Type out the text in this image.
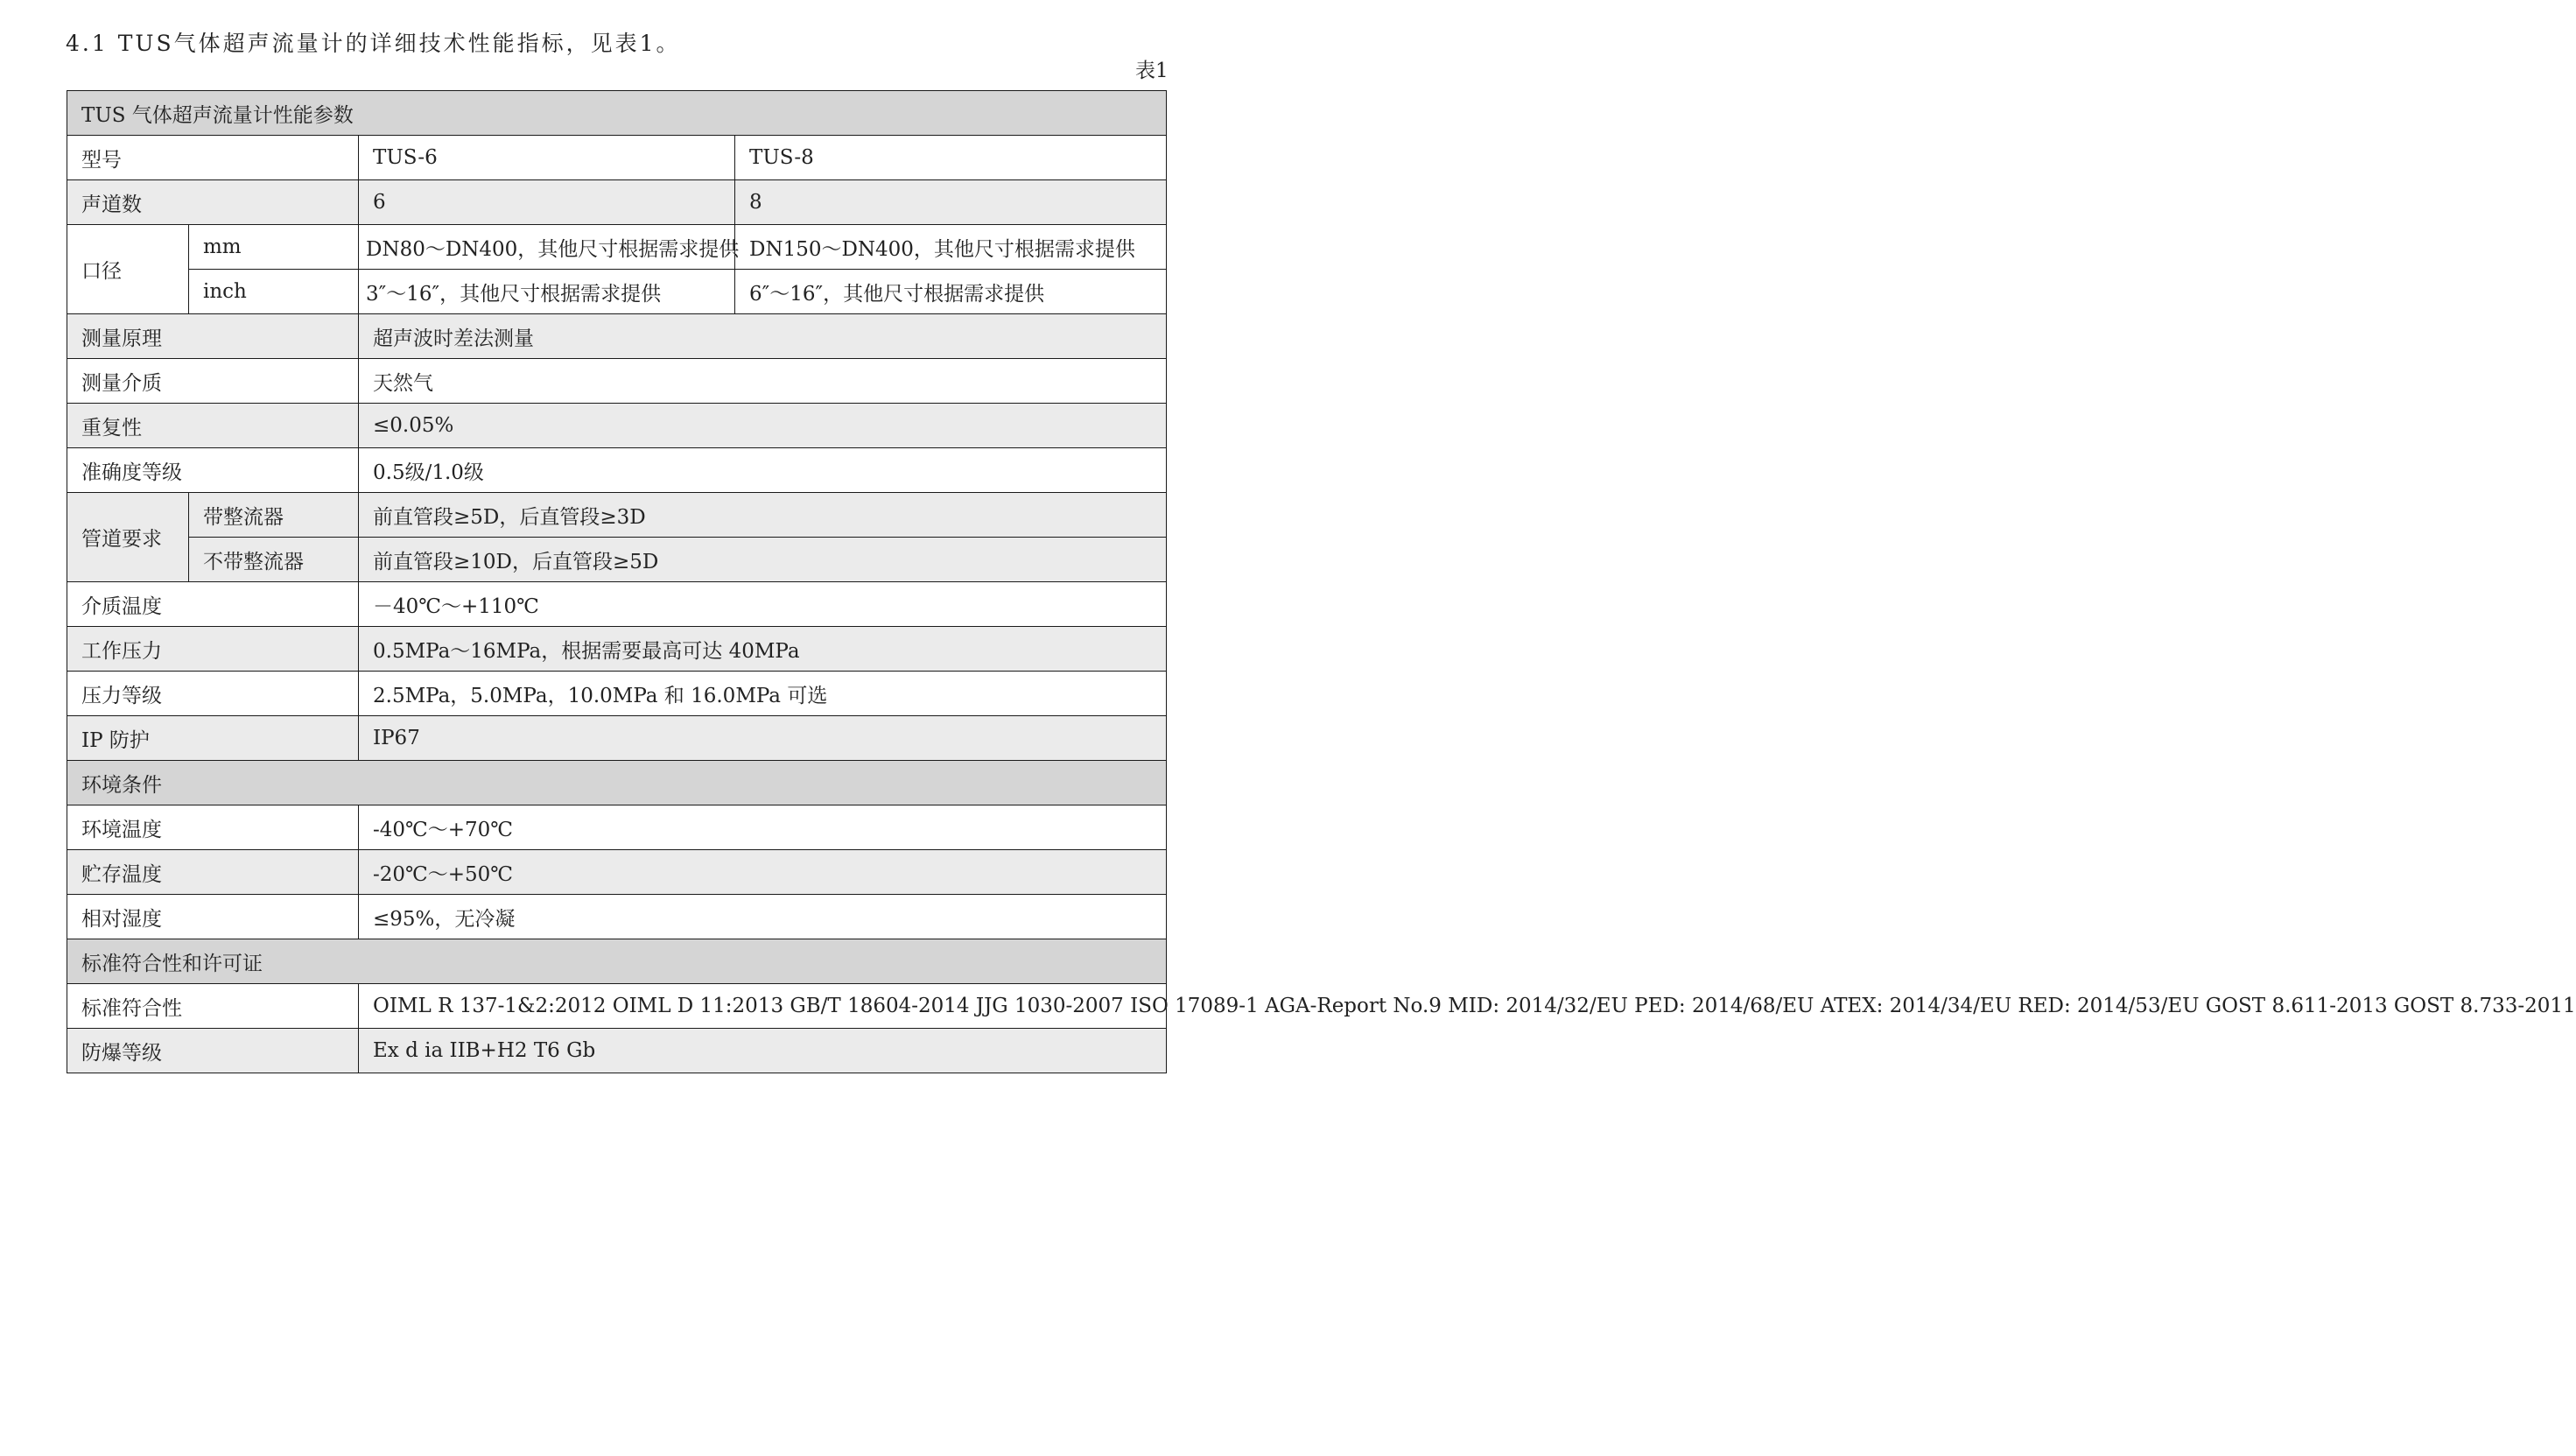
4.1 TUS气体超声流量计的详细技术性能指标，见表1。
表1
TUS 气体超声流量计性能参数			
型号		TUS-6	TUS-8
声道数		6	8
口径	mm	DN80～DN400，其他尺寸根据需求提供	DN150～DN400，其他尺寸根据需求提供
	inch	3″～16″，其他尺寸根据需求提供	6″～16″，其他尺寸根据需求提供
测量原理		超声波时差法测量	
测量介质		天然气	
重复性		≤0.05%	
准确度等级		0.5级/1.0级	
管道要求	带整流器	前直管段≥5D，后直管段≥3D	
	不带整流器	前直管段≥10D，后直管段≥5D	
介质温度		－40℃～+110℃	
工作压力		0.5MPa～16MPa，根据需要最高可达 40MPa	
压力等级		2.5MPa，5.0MPa，10.0MPa 和 16.0MPa 可选	
IP 防护		IP67	
环境条件			
环境温度		-40℃～+70℃	
贮存温度		-20℃～+50℃	
相对湿度		≤95%，无冷凝	
标准符合性和许可证			
标准符合性		OIML R 137-1&2:2012 OIML D 11:2013 GB/T 18604-2014 JJG 1030-2007 ISO 17089-1 AGA-Report No.9 MID: 2014/32/EU PED: 2014/68/EU ATEX: 2014/34/EU RED: 2014/53/EU GOST 8.611-2013 GOST 8.733-2011	
防爆等级		Ex d ia IIB+H2 T6 Gb	
